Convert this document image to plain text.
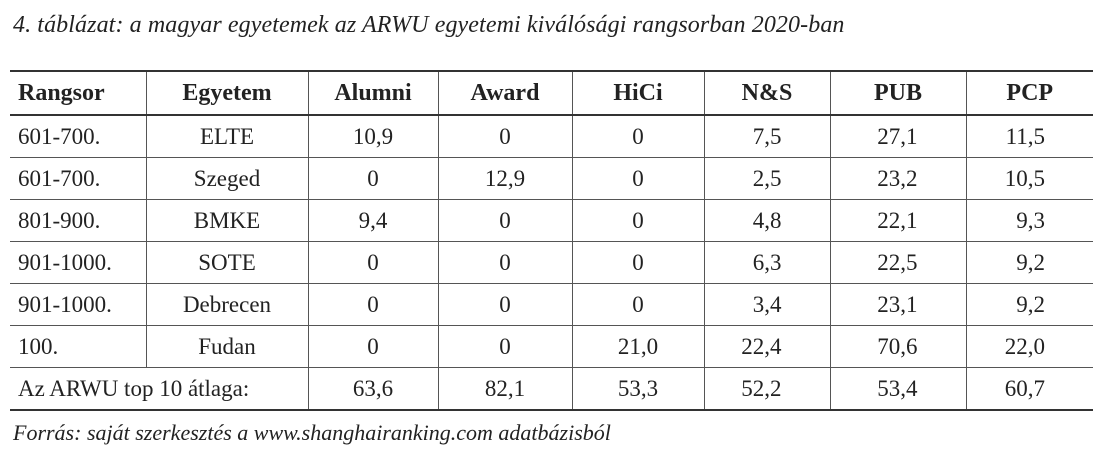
4. táblázat: a magyar egyetemek az ARWU egyetemi kiválósági rangsorban 2020-ban
Rangsor	Egyetem	Alumni	Award	HiCi	N&S	PUB	PCP
601-700.	ELTE	10,9	0	0	7,5	27,1	11,5
601-700.	Szeged	0	12,9	0	2,5	23,2	10,5
801-900.	BMKE	9,4	0	0	4,8	22,1	9,3
901-1000.	SOTE	0	0	0	6,3	22,5	9,2
901-1000.	Debrecen	0	0	0	3,4	23,1	9,2
100.	Fudan	0	0	21,0	22,4	70,6	22,0
Az ARWU top 10 átlaga:		63,6	82,1	53,3	52,2	53,4	60,7
Forrás: saját szerkesztés a www.shanghairanking.com adatbázisból
